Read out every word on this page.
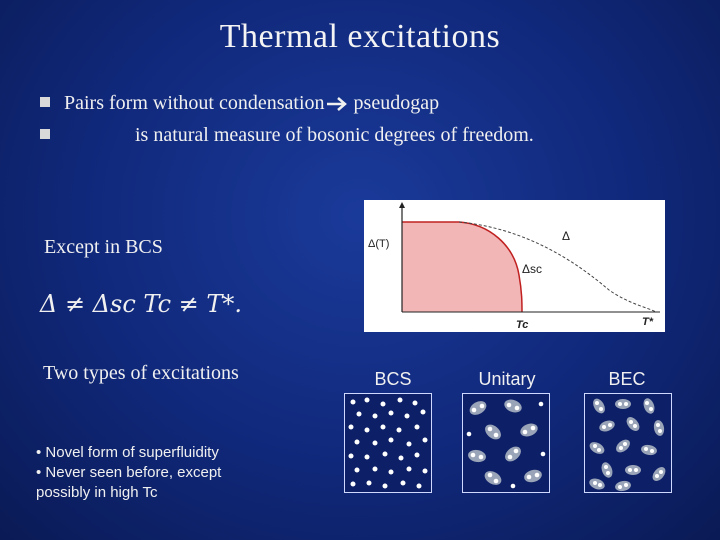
Thermal excitations
Pairs form without condensation pseudogap
is natural measure of bosonic degrees of freedom.
Except in BCS
Δ ≠ Δsc Tc ≠ T*.
Two types of excitations
• Novel form of superfluidity
• Never seen before, except
possibly in high Tc
Δ(T)
Δ
Δsc
Tc	T*
BCS	Unitary	BEC
